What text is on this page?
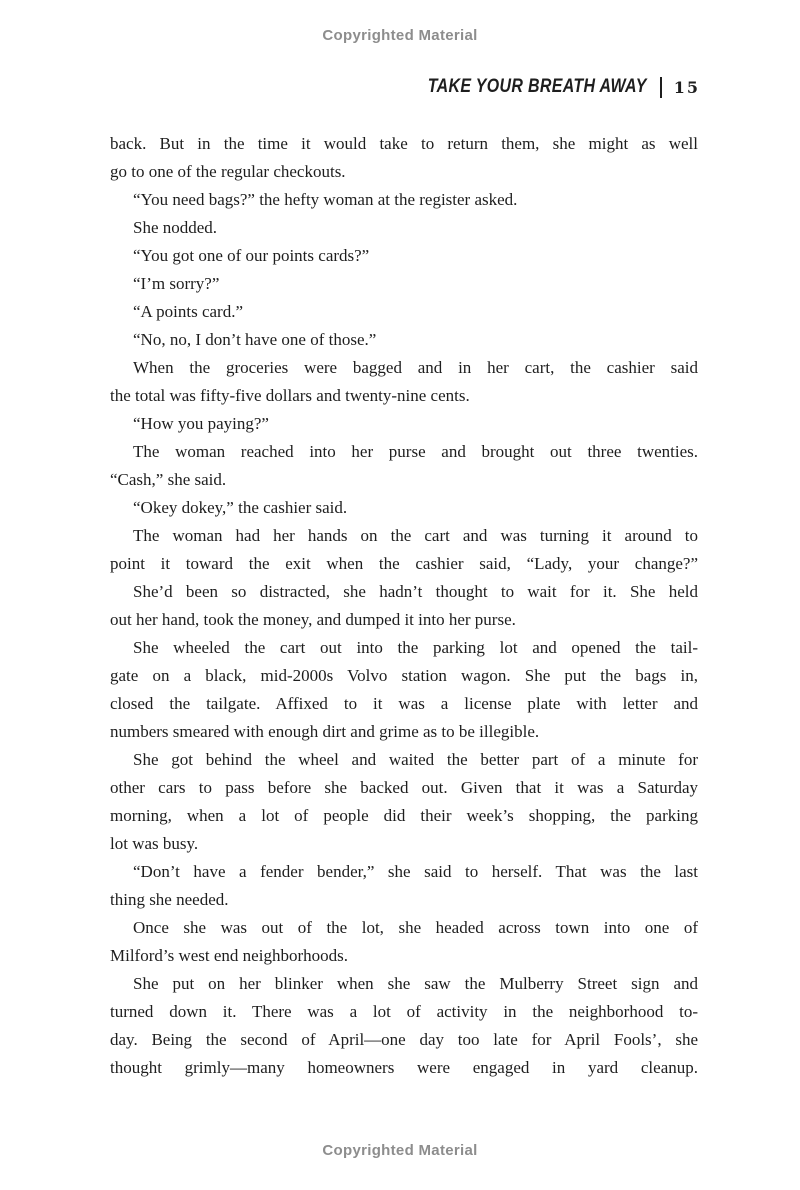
Copyrighted Material
TAKE YOUR BREATH AWAY 15
back. But in the time it would take to return them, she might as well
go to one of the regular checkouts.
“You need bags?” the hefty woman at the register asked.
She nodded.
“You got one of our points cards?”
“I’m sorry?”
“A points card.”
“No, no, I don’t have one of those.”
When the groceries were bagged and in her cart, the cashier said
the total was fifty-five dollars and twenty-nine cents.
“How you paying?”
The woman reached into her purse and brought out three twenties.
“Cash,” she said.
“Okey dokey,” the cashier said.
The woman had her hands on the cart and was turning it around to
point it toward the exit when the cashier said, “Lady, your change?”
She’d been so distracted, she hadn’t thought to wait for it. She held
out her hand, took the money, and dumped it into her purse.
She wheeled the cart out into the parking lot and opened the tail-
gate on a black, mid-2000s Volvo station wagon. She put the bags in,
closed the tailgate. Affixed to it was a license plate with letter and
numbers smeared with enough dirt and grime as to be illegible.
She got behind the wheel and waited the better part of a minute for
other cars to pass before she backed out. Given that it was a Saturday
morning, when a lot of people did their week’s shopping, the parking
lot was busy.
“Don’t have a fender bender,” she said to herself. That was the last
thing she needed.
Once she was out of the lot, she headed across town into one of
Milford’s west end neighborhoods.
She put on her blinker when she saw the Mulberry Street sign and
turned down it. There was a lot of activity in the neighborhood to-
day. Being the second of April—one day too late for April Fools’, she
thought grimly—many homeowners were engaged in yard cleanup.
Copyrighted Material
